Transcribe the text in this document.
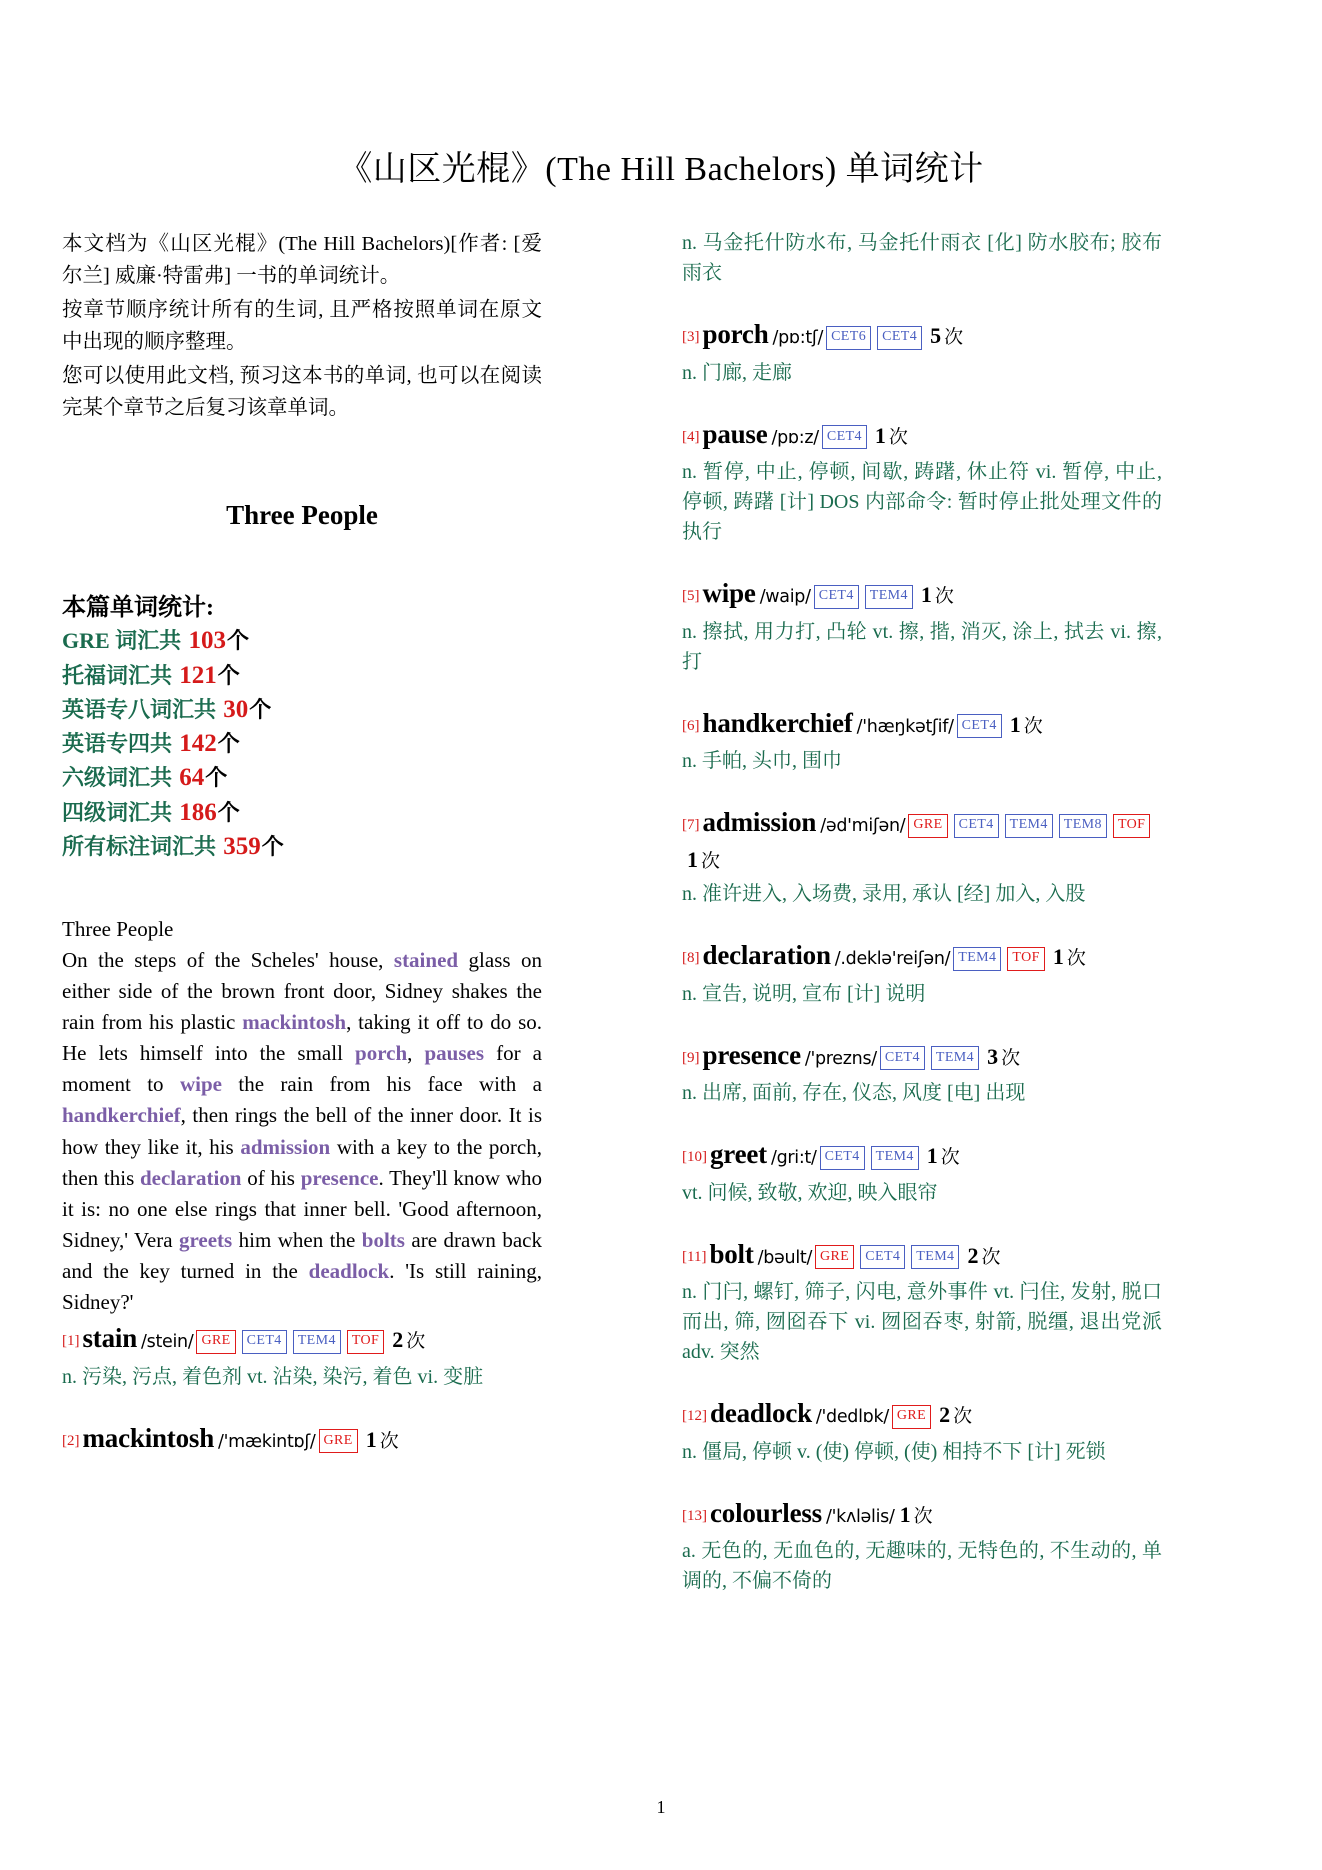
《山区光棍》(The Hill Bachelors) 单词统计

本文档为《山区光棍》(The Hill Bachelors)[作者: [爱尔兰] 威廉·特雷弗] 一书的单词统计。

按章节顺序统计所有的生词, 且严格按照单词在原文中出现的顺序整理。

您可以使用此文档, 预习这本书的单词, 也可以在阅读完某个章节之后复习该章单词。

Three People
本篇单词统计:
GRE 词汇共 103个
托福词汇共 121个
英语专八词汇共 30个
英语专四共 142个
六级词汇共 64个
四级词汇共 186个
所有标注词汇共 359个
Three People
On the steps of the Scheles' house, stained glass on either side of the brown front door, Sidney shakes the rain from his plastic mackintosh, taking it off to do so. He lets himself into the small porch, pauses for a moment to wipe the rain from his face with a handkerchief, then rings the bell of the inner door. It is how they like it, his admission with a key to the porch, then this declaration of his presence. They'll know who it is: no one else rings that inner bell. 'Good afternoon, Sidney,' Vera greets him when the bolts are drawn back and the key turned in the deadlock. 'Is still raining, Sidney?'
[1] stain /stein/ GRE CET4 TEM4 TOF 2 次
n. 污染, 污点, 着色剂 vt. 沾染, 染污, 着色 vi. 变脏
[2] mackintosh /'mækintɒʃ/ GRE 1 次
n. 马金托什防水布, 马金托什雨衣 [化] 防水胶布; 胶布雨衣
[3] porch /pɒ:tʃ/ CET6 CET4 5 次
n. 门廊, 走廊
[4] pause /pɒ:z/ CET4 1 次
n. 暂停, 中止, 停顿, 间歇, 踌躇, 休止符 vi. 暂停, 中止, 停顿, 踌躇 [计] DOS 内部命令: 暂时停止批处理文件的执行
[5] wipe /waip/ CET4 TEM4 1 次
n. 擦拭, 用力打, 凸轮 vt. 擦, 揩, 消灭, 涂上, 拭去 vi. 擦, 打
[6] handkerchief /'hæŋkətʃif/ CET4 1 次
n. 手帕, 头巾, 围巾
[7] admission /əd'miʃən/ GRE CET4 TEM4 TEM8 TOF1 次
n. 准许进入, 入场费, 录用, 承认 [经] 加入, 入股
[8] declaration /.deklə'reiʃən/ TEM4 TOF 1 次
n. 宣告, 说明, 宣布 [计] 说明
[9] presence /'prezns/ CET4 TEM4 3 次
n. 出席, 面前, 存在, 仪态, 风度 [电] 出现
[10] greet /gri:t/ CET4 TEM4 1 次
vt. 问候, 致敬, 欢迎, 映入眼帘
[11] bolt /bəult/ GRE CET4 TEM4 2 次
n. 门闩, 螺钉, 筛子, 闪电, 意外事件 vt. 闩住, 发射, 脱口而出, 筛, 囫囵吞下 vi. 囫囵吞枣, 射箭, 脱缰, 退出党派 adv. 突然
[12] deadlock /'dedlɒk/ GRE 2 次
n. 僵局, 停顿 v. (使) 停顿, (使) 相持不下 [计] 死锁
[13] colourless /'kʌləlis/ 1 次
a. 无色的, 无血色的, 无趣味的, 无特色的, 不生动的, 单调的, 不偏不倚的
1
